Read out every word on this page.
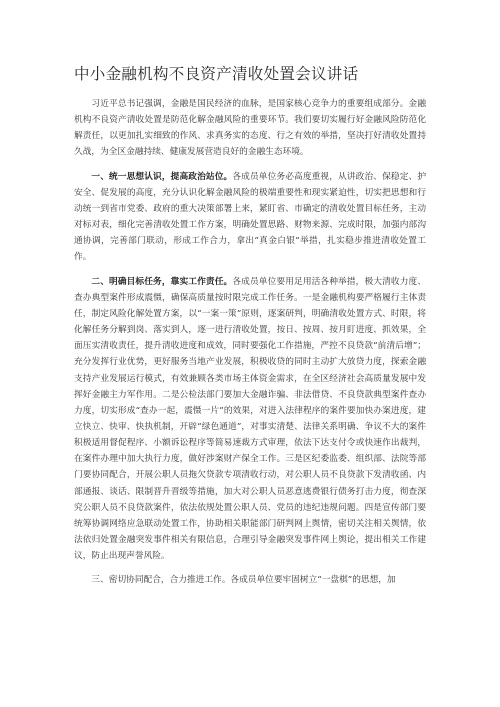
中小金融机构不良资产清收处置会议讲话

习近平总书记强调，金融是国民经济的血脉，是国家核心竞争力的重要组成部分。金融机构不良资产清收处置是防范化解金融风险的重要环节。我们要切实履行好金融风险防范化解责任，以更加扎实细致的作风、求真务实的态度、行之有效的举措，坚决打好清收处置持久战，为全区金融持续、健康发展营造良好的金融生态环境。

一、统一思想认识，提高政治站位。各成员单位务必高度重视，从讲政治、保稳定、护安全、促发展的高度，充分认识化解金融风险的极端重要性和现实紧迫性，切实把思想和行动统一到省市党委、政府的重大决策部署上来，紧盯省、市确定的清收处置目标任务，主动对标对表，细化完善清收处置工作方案，明确处置思路、财物来源、完成时限，加强内部沟通协调，完善部门联动，形成工作合力，拿出“真金白银”举措，扎实稳步推进清收处置工作。

二、明确目标任务，靠实工作责任。各成员单位要用足用活各种举措，极大清收力度、查办典型案件形成震慑，确保高质量按时限完成工作任务。一是金融机构要严格履行主体责任，制定风险化解处置方案，以“一案一策”原则，逐案研判，明确清收处置方式、时限，将化解任务分解到岗、落实到人，逐一进行清收处置，按日、按周、按月盯进度、抓效果，全面压实清收责任，提升清收进度和成效，同时要强化工作措施，严控不良贷款“前清后增”；充分发挥行业优势，更好服务当地产业发展，积极收贷的同时主动扩大放贷力度，探索金融支持产业发展运行模式，有效兼顾各类市场主体资金需求，在全区经济社会高质量发展中发挥好金融主力军作用。二是公检法部门要加大金融诈骗、非法借贷、不良贷款典型案件查办力度，切实形成“查办一起，震慑一片”的效果，对进入法律程序的案件要加快办案进度，建立快立、快审、快执机制，开辟“绿色通道”，对事实清楚、法律关系明确、争议不大的案件积极适用督促程序、小额诉讼程序等简易速裁方式审理，依法下达支付令或快速作出裁判，在案件办理中加大执行力度，做好涉案财产保全工作。三是区纪委监委、组织部、法院等部门要协同配合，开展公职人员拖欠贷款专项清收行动，对公职人员不良贷款下发清收函、内部通报、谈话、限制晋升晋级等措施，加大对公职人员恶意逃费银行债务打击力度，彻查深究公职人员不良贷款案件，依法依规处置公职人员、党员的违纪违规问题。四是宣传部门要统筹协调网络应急联动处置工作，协助相关职能部门研判网上舆情，密切关注相关舆情，依法依归处置金融突发事件相关有限信息，合理引导金融突发事件网上舆论，提出相关工作建议，防止出现声誉风险。

三、密切协同配合，合力推进工作。各成员单位要牢固树立“一盘棋”的思想，加
